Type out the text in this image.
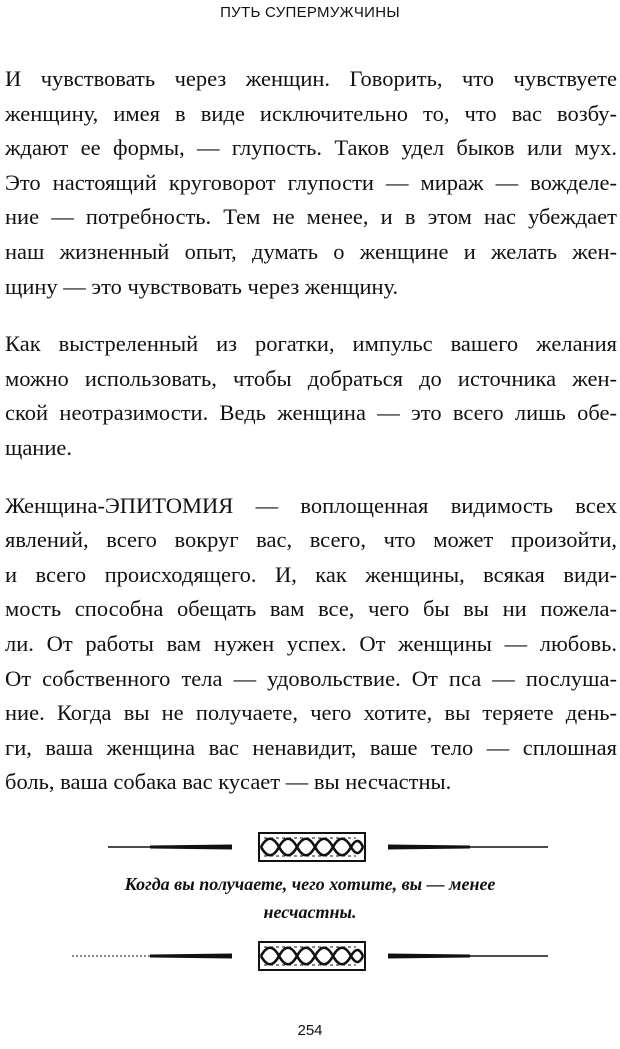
ПУТЬ СУПЕРМУЖЧИНЫ
И чувствовать через женщин. Говорить, что чувствуете
женщину, имея в виде исключительно то, что вас возбу-
ждают ее формы, — глупость. Таков удел быков или мух.
Это настоящий круговорот глупости — мираж — вожделе-
ние — потребность. Тем не менее, и в этом нас убеждает
наш жизненный опыт, думать о женщине и желать жен-
щину — это чувствовать через женщину.
Как выстреленный из рогатки, импульс вашего желания
можно использовать, чтобы добраться до источника жен-
ской неотразимости. Ведь женщина — это всего лишь обе-
щание.
Женщина-ЭПИТОМИЯ — воплощенная видимость всех
явлений, всего вокруг вас, всего, что может произойти,
и всего происходящего. И, как женщины, всякая види-
мость способна обещать вам все, чего бы вы ни пожела-
ли. От работы вам нужен успех. От женщины — любовь.
От собственного тела — удовольствие. От пса — послуша-
ние. Когда вы не получаете, чего хотите, вы теряете день-
ги, ваша женщина вас ненавидит, ваше тело — сплошная
боль, ваша собака вас кусает — вы несчастны.
Когда вы получаете, чего хотите, вы — менее
несчастны.
254
